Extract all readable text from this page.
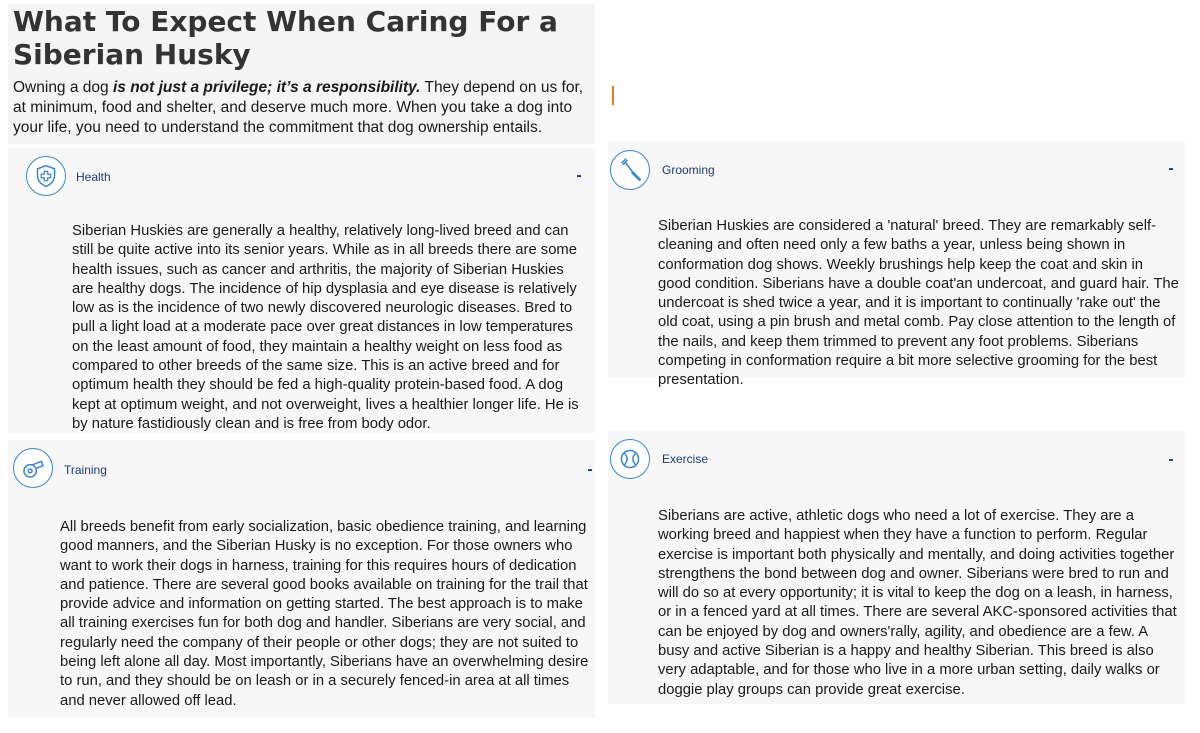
What To Expect When Caring For a Siberian Husky

Owning a dog is not just a privilege; it’s a responsibility. They depend on us for, at minimum, food and shelter, and deserve much more. When you take a dog into your life, you need to understand the commitment that dog ownership entails.

Health	-

Siberian Huskies are generally a healthy, relatively long-lived breed and can still be quite active into its senior years. While as in all breeds there are some health issues, such as cancer and arthritis, the majority of Siberian Huskies are healthy dogs. The incidence of hip dysplasia and eye disease is relatively low as is the incidence of two newly discovered neurologic diseases. Bred to pull a light load at a moderate pace over great distances in low temperatures on the least amount of food, they maintain a healthy weight on less food as compared to other breeds of the same size. This is an active breed and for optimum health they should be fed a high-quality protein-based food. A dog kept at optimum weight, and not overweight, lives a healthier longer life. He is by nature fastidiously clean and is free from body odor.

Grooming	-

Siberian Huskies are considered a 'natural' breed. They are remarkably self-cleaning and often need only a few baths a year, unless being shown in conformation dog shows. Weekly brushings help keep the coat and skin in good condition. Siberians have a double coat'an undercoat, and guard hair. The undercoat is shed twice a year, and it is important to continually 'rake out' the old coat, using a pin brush and metal comb. Pay close attention to the length of the nails, and keep them trimmed to prevent any foot problems. Siberians competing in conformation require a bit more selective grooming for the best presentation.

Training	-

All breeds benefit from early socialization, basic obedience training, and learning good manners, and the Siberian Husky is no exception. For those owners who want to work their dogs in harness, training for this requires hours of dedication and patience. There are several good books available on training for the trail that provide advice and information on getting started. The best approach is to make all training exercises fun for both dog and handler. Siberians are very social, and regularly need the company of their people or other dogs; they are not suited to being left alone all day. Most importantly, Siberians have an overwhelming desire to run, and they should be on leash or in a securely fenced-in area at all times and never allowed off lead.

Exercise	-

Siberians are active, athletic dogs who need a lot of exercise. They are a working breed and happiest when they have a function to perform. Regular exercise is important both physically and mentally, and doing activities together strengthens the bond between dog and owner. Siberians were bred to run and will do so at every opportunity; it is vital to keep the dog on a leash, in harness, or in a fenced yard at all times. There are several AKC-sponsored activities that can be enjoyed by dog and owners'rally, agility, and obedience are a few. A busy and active Siberian is a happy and healthy Siberian. This breed is also very adaptable, and for those who live in a more urban setting, daily walks or doggie play groups can provide great exercise.
